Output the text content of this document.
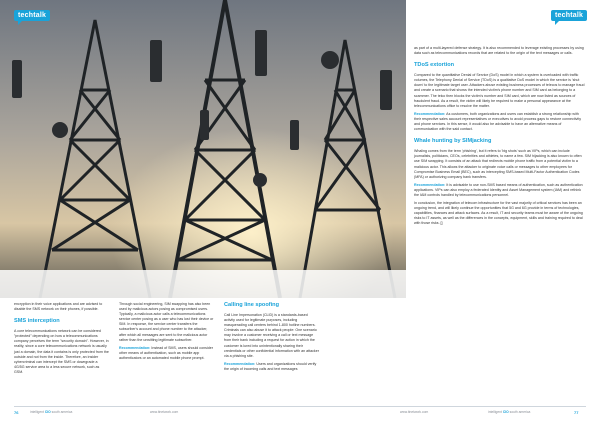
techtalk	techtalk

encryption in their voice applications and are advised to disable the SMS network on their phones, if possible.

SMS interception

A core telecommunications network can be considered "protected" depending on how a telecommunications company perceives the term "security domain". However, in reality, since a core telecommunications network is usually just a domain, the data it contains is only protected from the outside and not from the inside. Therefore, an insider cybercriminal can intercept the SMS or downgrade a 4G/5G service area to a less secure network, such as GSM.

Through social engineering, SIM swapping has also been used by malicious actors posing as compromised users. Typically, a malicious actor calls a telecommunications service center posing as a user who has lost their device or SIM. In response, the service center transfers the subscriber's account and phone number to the attacker, after which all messages are sent to the malicious actor rather than the unwitting legitimate subscriber.

Recommendation: Instead of SMS, users should consider other means of authentication, such as mobile app authenticators or an automated mobile phone prompt.

Calling line spoofing

Call Line Impersonation (CLID) is a standards-based activity used for legitimate purposes, including masquerading call centers behind 1-800 hotline numbers. Criminals can also abuse it to attack people: One scenario may involve a customer receiving a call or text message from their bank including a request for action in which the customer is lured into unintentionally sharing their credentials or other confidential information with an attacker via a phishing site.

Recommendation: Users and organizations should verify the origin of incoming calls and text messages

as part of a multi-layered defense strategy. It is also recommended to leverage existing processes by using data such as telecommunications records that are related to the origin of the text messages or calls.

TDoS extortion

Compared to the quantitative Denial of Service (DoS) model in which a system is overloaded with traffic volumes, the Telephony Denial of Service (TDoS) is a qualitative DoS model in which the service is 'shut down' to the legitimate target user. Attackers abuse existing business processes of telecos to manage fraud and create a scenario that shows the intended victim's phone number and SIM card as belonging to a scammer. The telco then blocks the victim's number and SIM card, which are now listed as sources of fraudulent fraud. As a result, the victim will likely be required to make a personal appearance at the telecommunications office to resolve the matter.

Recommendation: As customers, both organizations and users can establish a strong relationship with their respective sales account representatives or executives to avoid process gaps to restore connectivity and phone services. In this sense, it would also be advisable to have an alternative means of communication with the said contact.

Whale hunting by SIMjacking

Whaling comes from the term 'phishing', but it refers to 'big shots' such as VIPs, which can include journalists, politicians, CEOs, celebrities and athletes, to name a few. SIM hijacking is also known to often use SIM swapping. It consists of an attack that redirects mobile phone traffic from a potential victim to a malicious actor. This allows the attacker to originate voice calls or messages to other employees for Compromise Business Email (BEC), such as intercepting SMS-based Multi-Factor Authentication Codes (MFA) or authorizing company bank transfers.

Recommendation: It is advisable to use non-SMS based means of authentication, such as authentication applications. VIPs can also employ a federated Identity and Asset Management system (IAM) and rethink the IAM controls handled by telecommunications personnel.

In conclusion, the integration of telecom infrastructure for the vast majority of critical services has been an ongoing trend, and will likely continue the opportunities that 5G and 6G provide in terms of technologies, capabilities, finances and attack surfaces. As a result, IT and security teams must be aware of the ongoing risks to IT assets, as well as the differences in the concepts, equipment, skills and training required to deal with those risks. []

76	intelligent CIO south america	www.itnetwork.com	www.itnetwork.com	intelligent CIO south america	77
